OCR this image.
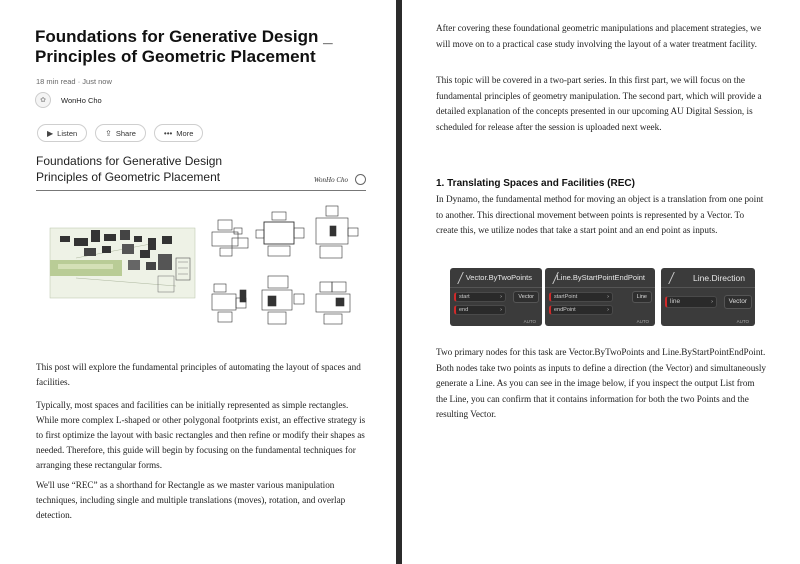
Foundations for Generative Design _ Principles of Geometric Placement
18 min read · Just now
✿	WonHo Cho
▶ Listen	⇪ Share	••• More
Foundations for Generative Design
Principles of Geometric Placement	WonHo Cho

This post will explore the fundamental principles of automating the layout of spaces and facilities.

Typically, most spaces and facilities can be initially represented as simple rectangles. While more complex L-shaped or other polygonal footprints exist, an effective strategy is to first optimize the layout with basic rectangles and then refine or modify their shapes as needed. Therefore, this guide will begin by focusing on the fundamental techniques for arranging these rectangular forms.

We'll use “REC” as a shorthand for Rectangle as we master various manipulation techniques, including single and multiple translations (moves), rotation, and overlap detection.

After covering these foundational geometric manipulations and placement strategies, we will move on to a practical case study involving the layout of a water treatment facility.

This topic will be covered in a two-part series. In this first part, we will focus on the fundamental principles of geometry manipulation. The second part, which will provide a detailed explanation of the concepts presented in our upcoming AU Digital Session, is scheduled for release after the session is uploaded next week.

1. Translating Spaces and Facilities (REC)

In Dynamo, the fundamental method for moving an object is a translation from one point to another. This directional movement between points is represented by a Vector. To create this, we utilize nodes that take a start point and an end point as inputs.

Vector.ByTwoPoints
start	›
end	›
Vector
AUTO
Line.ByStartPointEndPoint
startPoint	›
endPoint	›
Line
AUTO
Line.Direction
line	›	Vector
AUTO

Two primary nodes for this task are Vector.ByTwoPoints and Line.ByStartPointEndPoint. Both nodes take two points as inputs to define a direction (the Vector) and simultaneously generate a Line. As you can see in the image below, if you inspect the output List from the Line, you can confirm that it contains information for both the two Points and the resulting Vector.
